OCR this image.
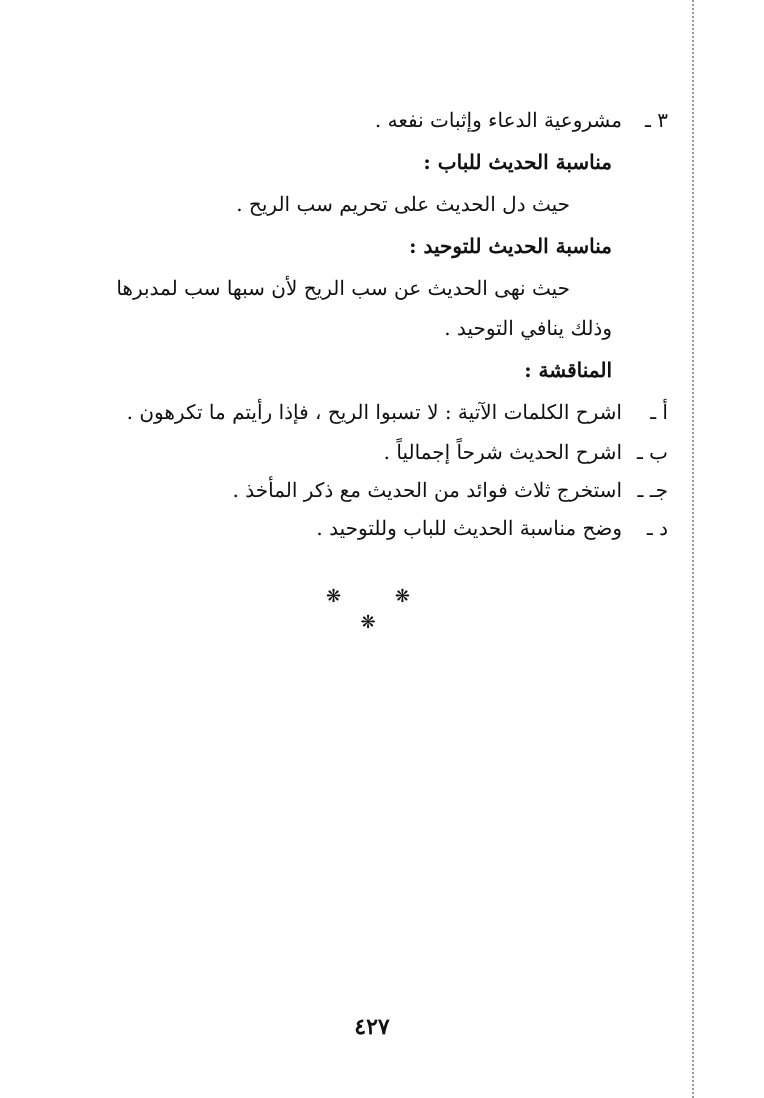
٣ ـمشروعية الدعاء وإثبات نفعه .
مناسبة الحديث للباب :
حيث دل الحديث على تحريم سب الريح .
مناسبة الحديث للتوحيد :
حيث نهى الحديث عن سب الريح لأن سبها سب لمدبرها
وذلك ينافي التوحيد .
المناقشة :
أ ـاشرح الكلمات الآتية : لا تسبوا الريح ، فإذا رأيتم ما تكرهون .
ب ـاشرح الحديث شرحاً إجمالياً .
جـ ـاستخرج ثلاث فوائد من الحديث مع ذكر المأخذ .
د ـوضح مناسبة الحديث للباب وللتوحيد .
❋ ❋ ❋
٤٢٧
